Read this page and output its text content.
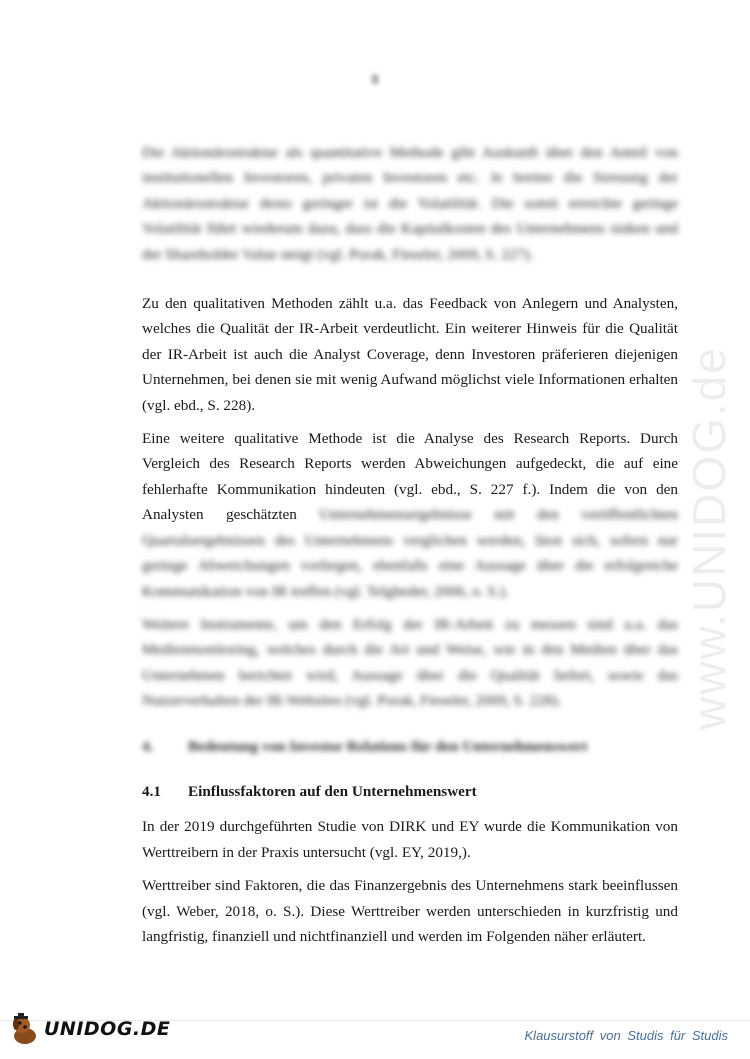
8
www.UNIDOG.de

Die Aktionärsstruktur als quantitative Methode gibt Auskunft über den Anteil von institutionellen Investoren, privaten Investoren etc. Je breiter die Streuung der Aktionärsstruktur desto geringer ist die Volatilität. Die somit erreichte geringe Volatilität führt wiederum dazu, dass die Kapitalkosten des Unternehmens sinken und der Shareholder Value steigt (vgl. Porak, Fieseler, 2009, S. 227).

Zu den qualitativen Methoden zählt u.a. das Feedback von Anlegern und Analysten, welches die Qualität der IR-Arbeit verdeutlicht. Ein weiterer Hinweis für die Qualität der IR-Arbeit ist auch die Analyst Coverage, denn Investoren präferieren diejenigen Unternehmen, bei denen sie mit wenig Aufwand möglichst viele Informationen erhalten (vgl. ebd., S. 228).

Eine weitere qualitative Methode ist die Analyse des Research Reports. Durch Vergleich des Research Reports werden Abweichungen aufgedeckt, die auf eine fehlerhafte Kommunikation hindeuten (vgl. ebd., S. 227 f.). Indem die von den Analysten geschätzten Unternehmensergebnisse mit den veröffentlichten Quartalsergebnissen des Unternehmens verglichen werden, lässt sich, sofern nur geringe Abweichungen vorliegen, ebenfalls eine Aussage über die erfolgreiche Kommunikation von IR treffen (vgl. Telgheder, 2006, o. S.).

Weitere Instrumente, um den Erfolg der IR-Arbeit zu messen sind u.a. das Medienmonitoring, welches durch die Art und Weise, wie in den Medien über das Unternehmen berichtet wird, Aussage über die Qualität liefert, sowie das Nutzerverhalten der IR-Websites (vgl. Porak, Fieseler, 2009, S. 228).

4.	Bedeutung von Investor Relations für den Unternehmenswert
4.1	Einflussfaktoren auf den Unternehmenswert

In der 2019 durchgeführten Studie von DIRK und EY wurde die Kommunikation von Werttreibern in der Praxis untersucht (vgl. EY, 2019,).

Werttreiber sind Faktoren, die das Finanzergebnis des Unternehmens stark beeinflussen (vgl. Weber, 2018, o. S.). Diese Werttreiber werden unterschieden in kurzfristig und langfristig, finanziell und nichtfinanziell und werden im Folgenden näher erläutert.

UNIDOG.DE	Klausurstoff von Studis für Studis
